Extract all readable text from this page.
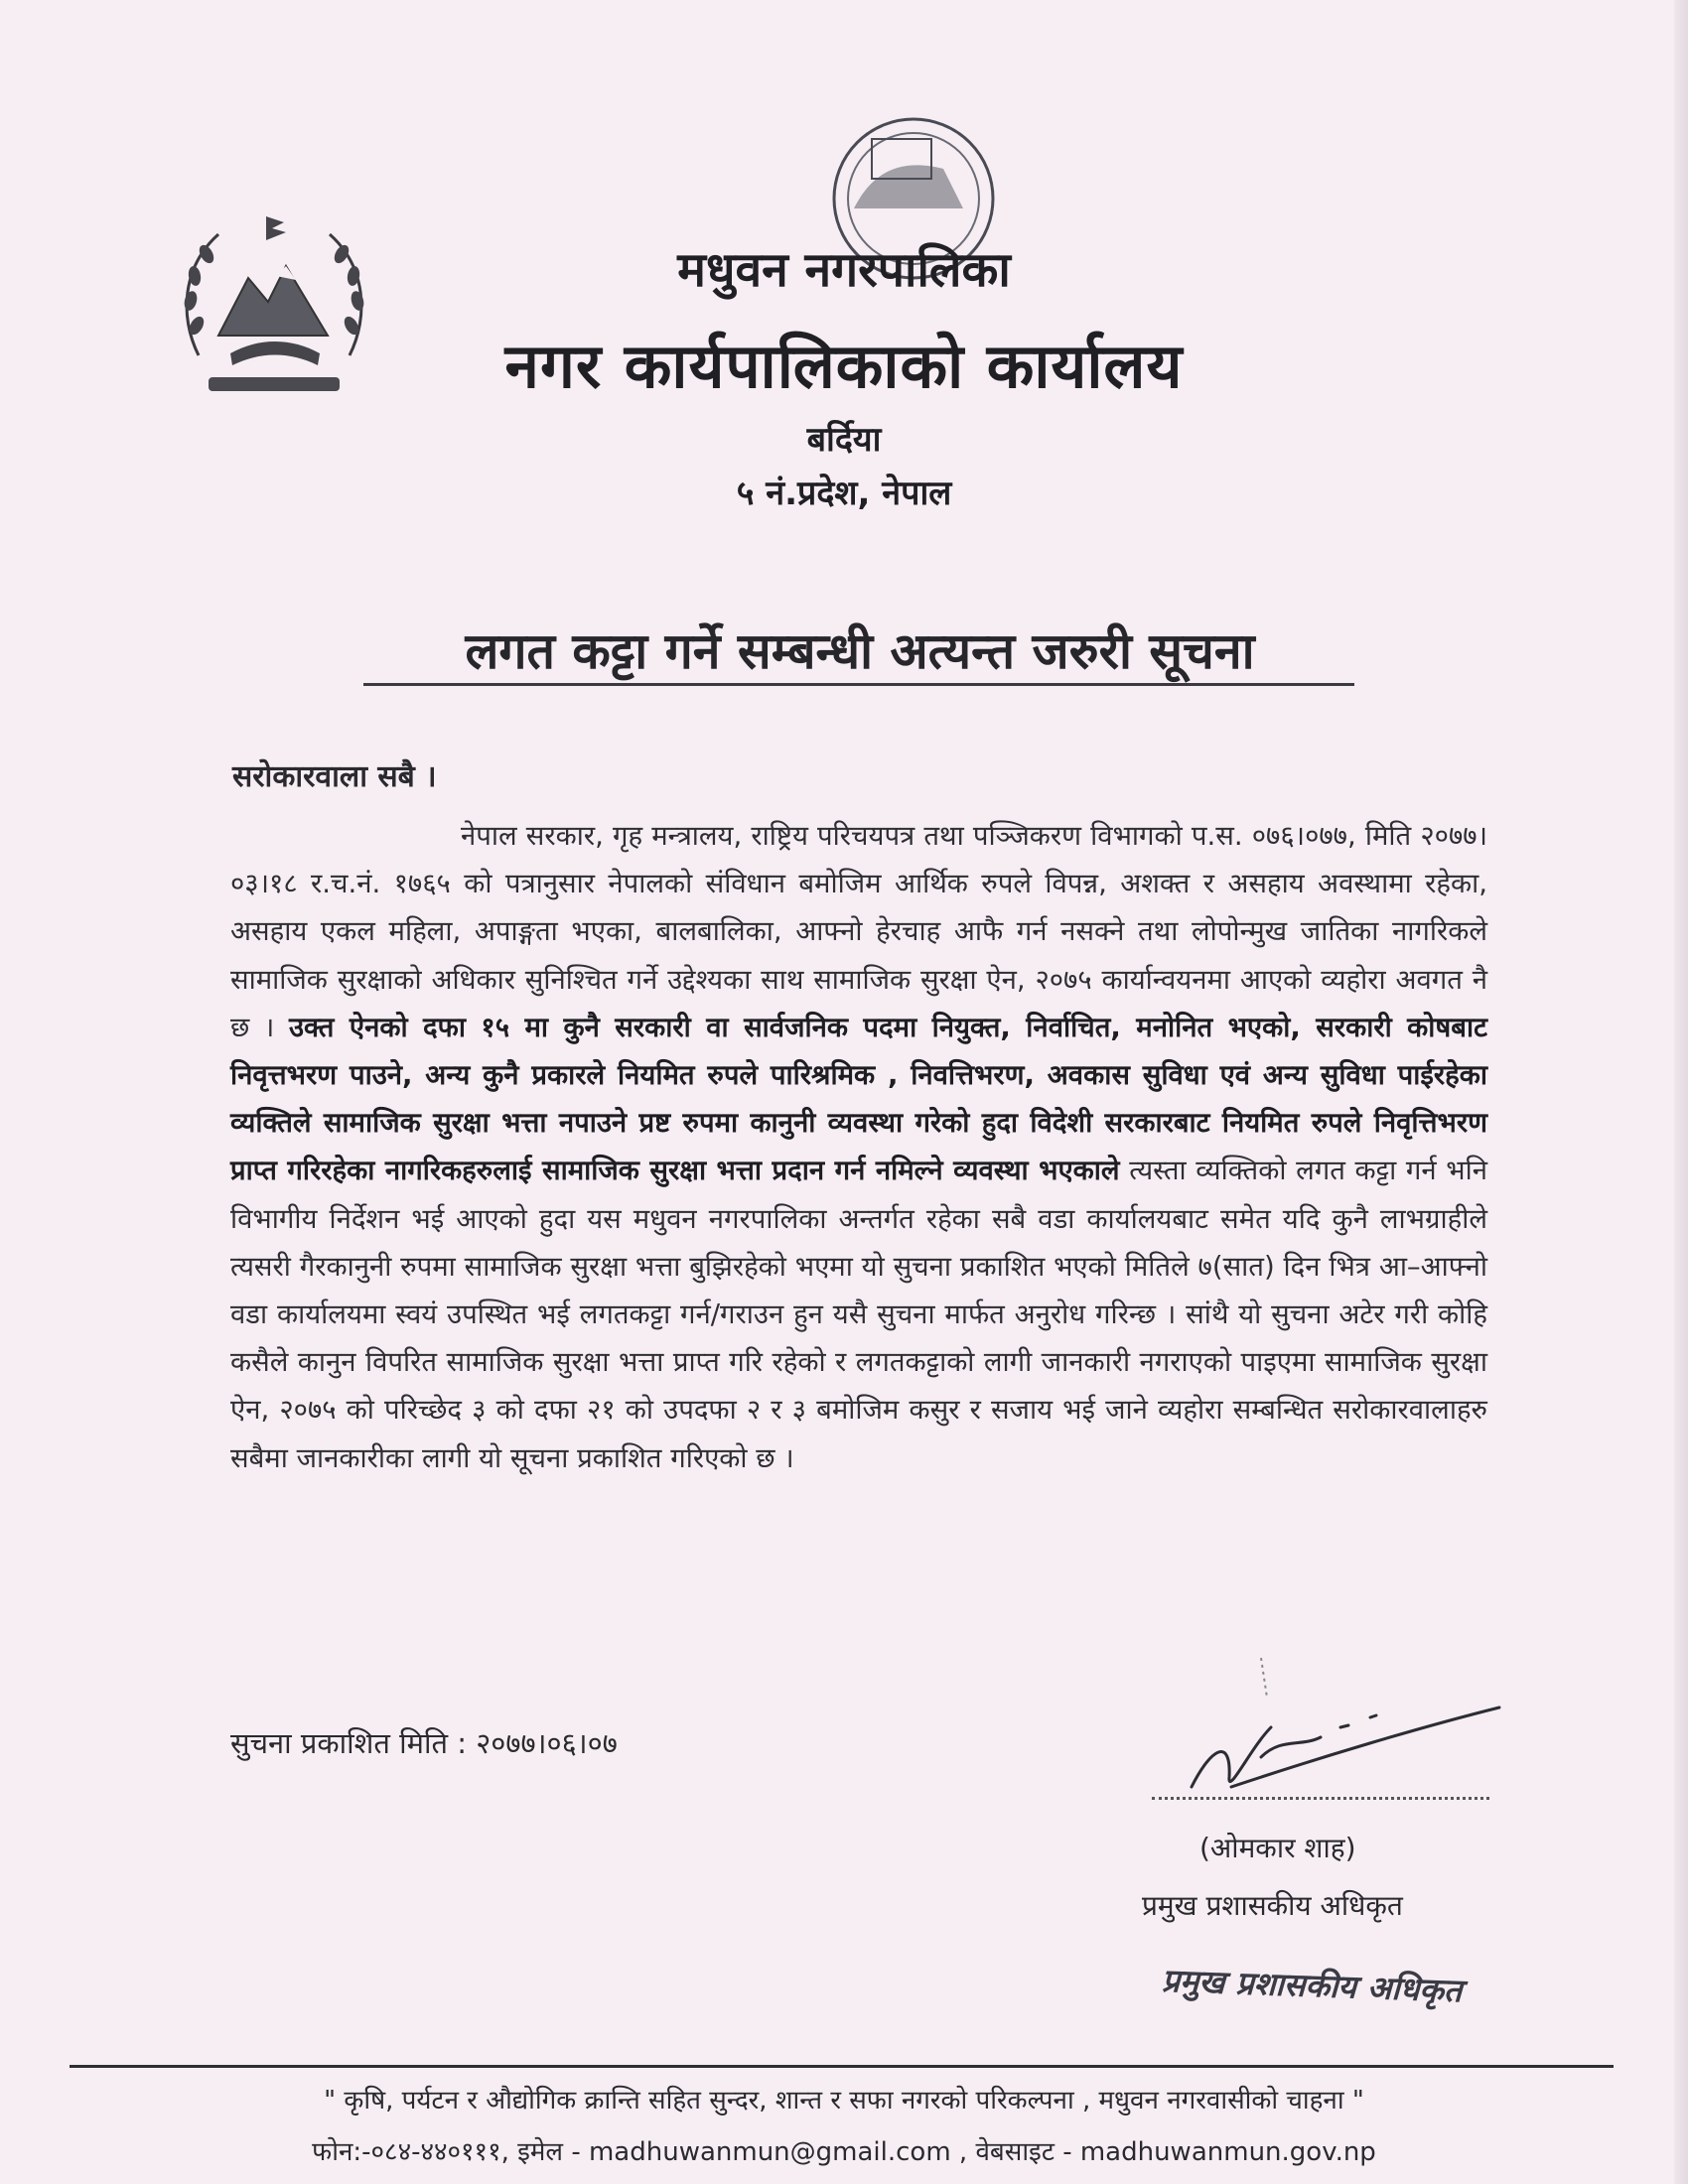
मधुवन नगरपालिका
नगर कार्यपालिकाको कार्यालय
बर्दिया
५ नं.प्रदेश, नेपाल
लगत कट्टा गर्ने सम्बन्धी अत्यन्त जरुरी सूचना
सरोकारवाला सबै ।

नेपाल सरकार, गृह मन्त्रालय, राष्ट्रिय परिचयपत्र तथा पञ्जिकरण विभागको प.स. ०७६।०७७, मिति २०७७।०३।१८ र.च.नं. १७६५ को पत्रानुसार नेपालको संविधान बमोजिम आर्थिक रुपले विपन्न, अशक्त र असहाय अवस्थामा रहेका, असहाय एकल महिला, अपाङ्गता भएका, बालबालिका, आफ्नो हेरचाह आफै गर्न नसक्ने तथा लोपोन्मुख जातिका नागरिकले सामाजिक सुरक्षाको अधिकार सुनिश्चित गर्ने उद्देश्यका साथ सामाजिक सुरक्षा ऐन, २०७५ कार्यान्वयनमा आएको व्यहोरा अवगत नै छ । उक्त ऐनको दफा १५ मा कुनै सरकारी वा सार्वजनिक पदमा नियुक्त, निर्वाचित, मनोनित भएको, सरकारी कोषबाट निवृत्तभरण पाउने, अन्य कुनै प्रकारले नियमित रुपले पारिश्रमिक , निवत्तिभरण, अवकास सुविधा एवं अन्य सुविधा पाईरहेका व्यक्तिले सामाजिक सुरक्षा भत्ता नपाउने प्रष्ट रुपमा कानुनी व्यवस्था गरेको हुदा विदेशी सरकारबाट नियमित रुपले निवृत्तिभरण प्राप्त गरिरहेका नागरिकहरुलाई सामाजिक सुरक्षा भत्ता प्रदान गर्न नमिल्ने व्यवस्था भएकाले त्यस्ता व्यक्तिको लगत कट्टा गर्न भनि विभागीय निर्देशन भई आएको हुदा यस मधुवन नगरपालिका अन्तर्गत रहेका सबै वडा कार्यालयबाट समेत यदि कुनै लाभग्राहीले त्यसरी गैरकानुनी रुपमा सामाजिक सुरक्षा भत्ता बुझिरहेको भएमा यो सुचना प्रकाशित भएको मितिले ७(सात) दिन भित्र आ–आफ्नो वडा कार्यालयमा स्वयं उपस्थित भई लगतकट्टा गर्न/गराउन हुन यसै सुचना मार्फत अनुरोध गरिन्छ । सांथै यो सुचना अटेर गरी कोहि कसैले कानुन विपरित सामाजिक सुरक्षा भत्ता प्राप्त गरि रहेको र लगतकट्टाको लागी जानकारी नगराएको पाइएमा सामाजिक सुरक्षा ऐन, २०७५ को परिच्छेद ३ को दफा २१ को उपदफा २ र ३ बमोजिम कसुर र सजाय भई जाने व्यहोरा सम्बन्धित सरोकारवालाहरु सबैमा जानकारीका लागी यो सूचना प्रकाशित गरिएको छ ।

सुचना प्रकाशित मिति : २०७७।०६।०७
(ओमकार शाह)
प्रमुख प्रशासकीय अधिकृत
प्रमुख प्रशासकीय अधिकृत
" कृषि, पर्यटन र औद्योगिक क्रान्ति सहित सुन्दर, शान्त र सफा नगरको परिकल्पना , मधुवन नगरवासीको चाहना "
फोन:-०८४-४४०१११, इमेल - madhuwanmun@gmail.com , वेबसाइट - madhuwanmun.gov.np
